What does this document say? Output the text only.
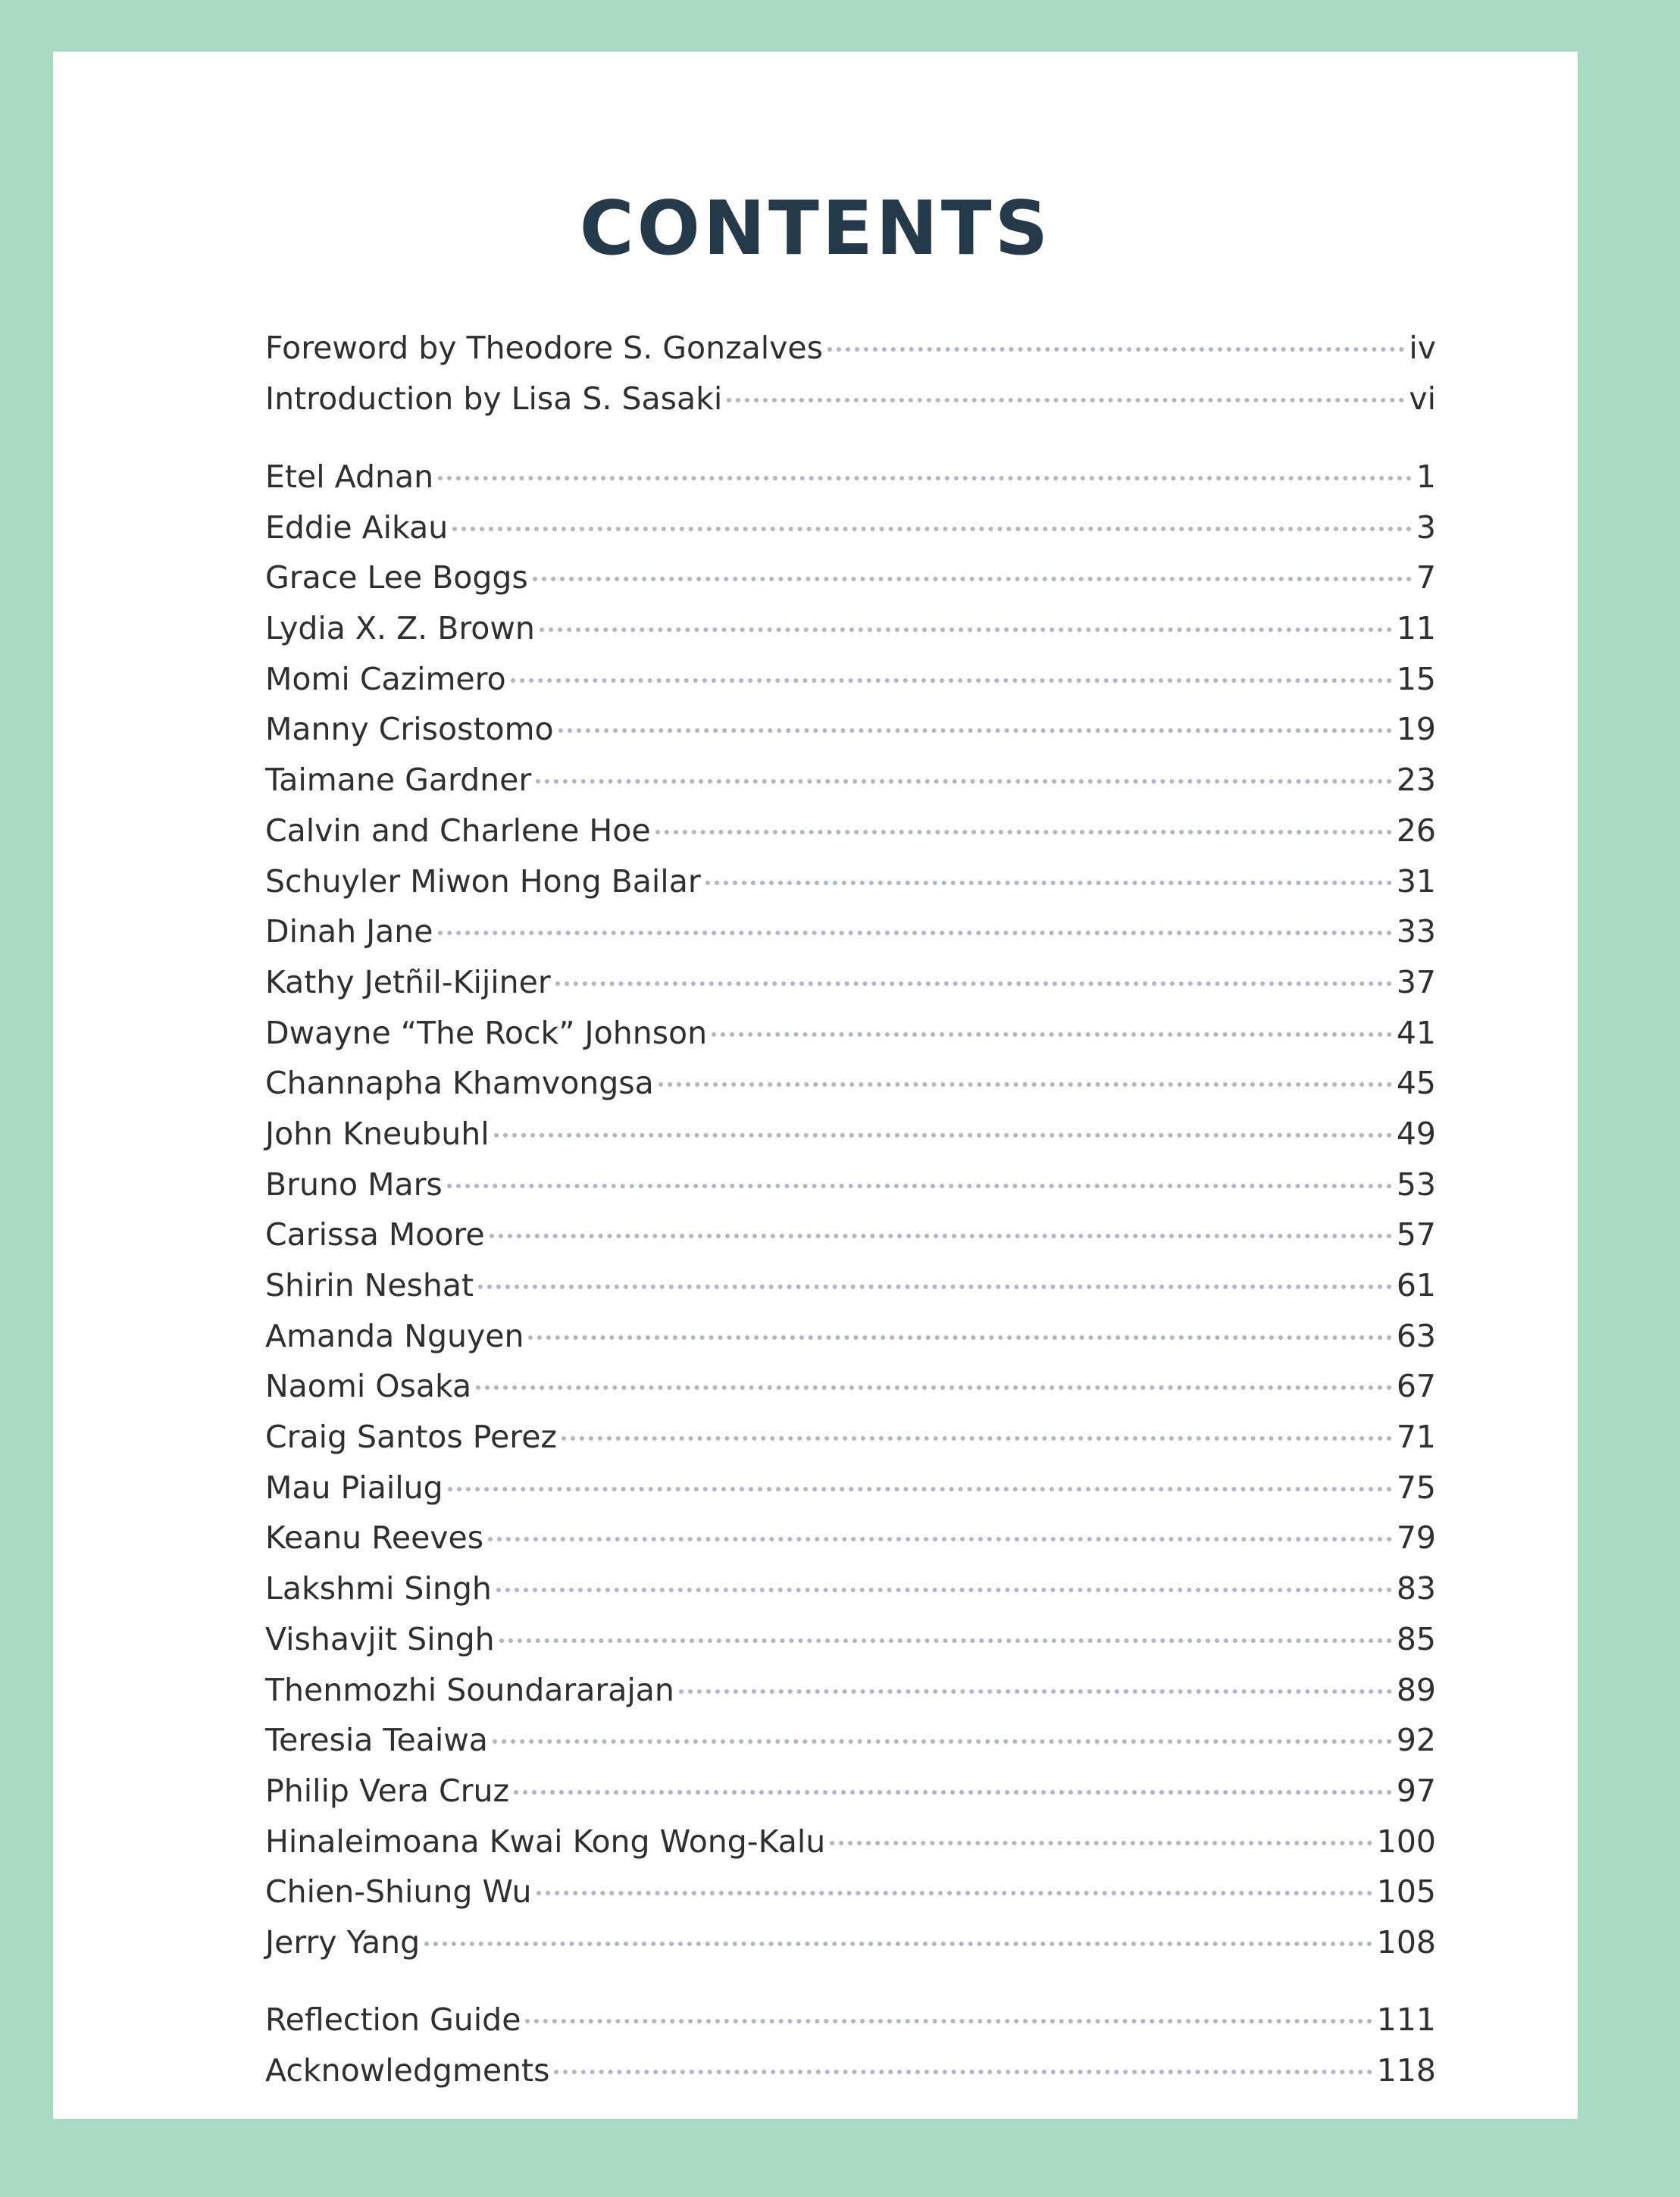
CONTENTS
Foreword by Theodore S. Gonzalves	iv
Introduction by Lisa S. Sasaki	vi
Etel Adnan	1
Eddie Aikau	3
Grace Lee Boggs	7
Lydia X. Z. Brown	11
Momi Cazimero	15
Manny Crisostomo	19
Taimane Gardner	23
Calvin and Charlene Hoe	26
Schuyler Miwon Hong Bailar	31
Dinah Jane	33
Kathy Jetñil-Kijiner	37
Dwayne “The Rock” Johnson	41
Channapha Khamvongsa	45
John Kneubuhl	49
Bruno Mars	53
Carissa Moore	57
Shirin Neshat	61
Amanda Nguyen	63
Naomi Osaka	67
Craig Santos Perez	71
Mau Piailug	75
Keanu Reeves	79
Lakshmi Singh	83
Vishavjit Singh	85
Thenmozhi Soundararajan	89
Teresia Teaiwa	92
Philip Vera Cruz	97
Hinaleimoana Kwai Kong Wong-Kalu	100
Chien-Shiung Wu	105
Jerry Yang	108
Reflection Guide	111
Acknowledgments	118
